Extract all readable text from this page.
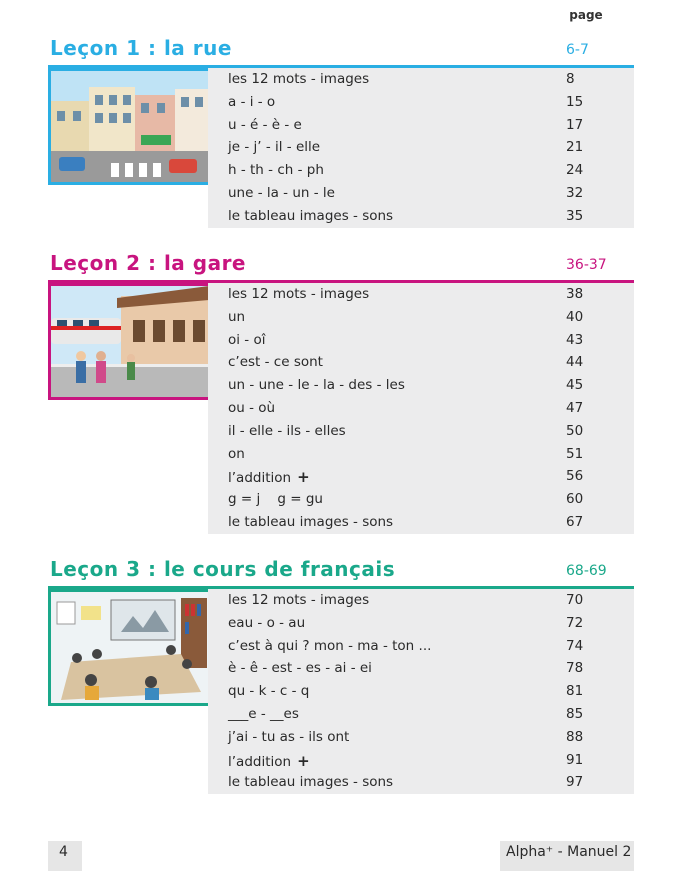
page
Leçon 1 : la rue	6-7
les 12 mots - images	8
a - i - o	15
u - é - è - e	17
je - j’ - il - elle	21
h - th - ch - ph	24
une - la - un - le	32
le tableau images - sons	35
Leçon 2 : la gare	36-37
les 12 mots - images	38
un	40
oi - oî	43
c’est - ce sont	44
un - une - le - la - des - les	45
ou - où	47
il - elle - ils - elles	50
on	51
l’addition +	56
g = j    g = gu	60
le tableau images - sons	67
Leçon 3 : le cours de français	68-69
les 12 mots - images	70
eau - o - au	72
c’est à qui ? mon - ma - ton ...	74
è - ê - est - es - ai - ei	78
qu - k - c - q	81
___e - __es	85
j’ai - tu as - ils ont	88
l’addition +	91
le tableau images - sons	97
4	Alpha⁺ - Manuel 2
